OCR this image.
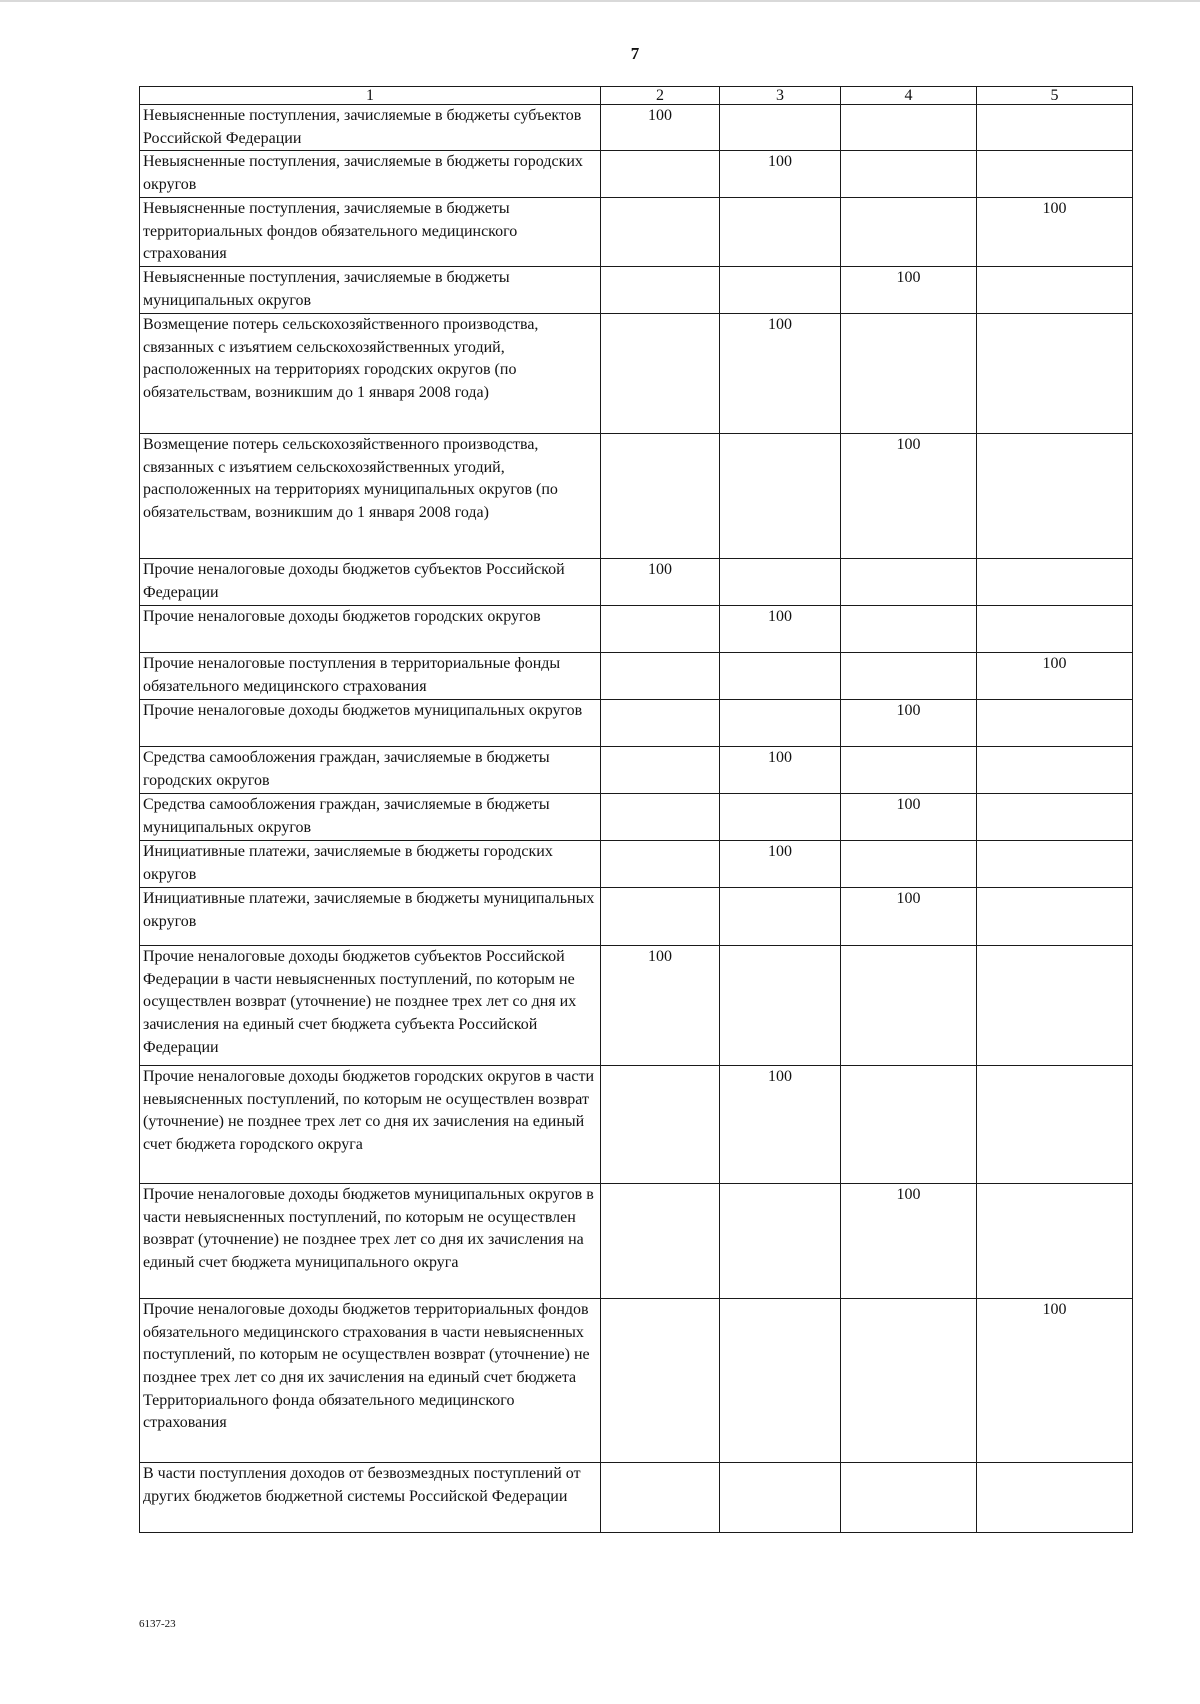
7
1	2	3	4	5
Невыясненные поступления, зачисляемые в бюджеты субъектов Российской Федерации	100			
Невыясненные поступления, зачисляемые в бюджеты городских округов		100		
Невыясненные поступления, зачисляемые в бюджеты территориальных фондов обязательного медицинского страхования				100
Невыясненные поступления, зачисляемые в бюджеты муниципальных округов			100	
Возмещение потерь сельскохозяйственного производства, связанных с изъятием сельскохозяйственных угодий, расположенных на территориях городских округов (по обязательствам, возникшим до 1 января 2008 года)		100		
Возмещение потерь сельскохозяйственного производства, связанных с изъятием сельскохозяйственных угодий, расположенных на территориях муниципальных округов (по обязательствам, возникшим до 1 января 2008 года)			100	
Прочие неналоговые доходы бюджетов субъектов Российской Федерации	100			
Прочие неналоговые доходы бюджетов городских округов		100		
Прочие неналоговые поступления в территориальные фонды обязательного медицинского страхования				100
Прочие неналоговые доходы бюджетов муниципальных округов			100	
Средства самообложения граждан, зачисляемые в бюджеты городских округов		100		
Средства самообложения граждан, зачисляемые в бюджеты муниципальных округов			100	
Инициативные платежи, зачисляемые в бюджеты городских округов		100		
Инициативные платежи, зачисляемые в бюджеты муниципальных округов			100	
Прочие неналоговые доходы бюджетов субъектов Российской Федерации в части невыясненных поступлений, по которым не осуществлен возврат (уточнение) не позднее трех лет со дня их зачисления на единый счет бюджета субъекта Российской Федерации	100			
Прочие неналоговые доходы бюджетов городских округов в части невыясненных поступлений, по которым не осуществлен возврат (уточнение) не позднее трех лет со дня их зачисления на единый счет бюджета городского округа		100		
Прочие неналоговые доходы бюджетов муниципальных округов в части невыясненных поступлений, по которым не осуществлен возврат (уточнение) не позднее трех лет со дня их зачисления на единый счет бюджета муниципального округа			100	
Прочие неналоговые доходы бюджетов территориальных фондов обязательного медицинского страхования в части невыясненных поступлений, по которым не осуществлен возврат (уточнение) не позднее трех лет со дня их зачисления на единый счет бюджета Территориального фонда обязательного медицинского страхования				100
В части поступления доходов от безвозмездных поступлений от других бюджетов бюджетной системы Российской Федерации				
6137-23
